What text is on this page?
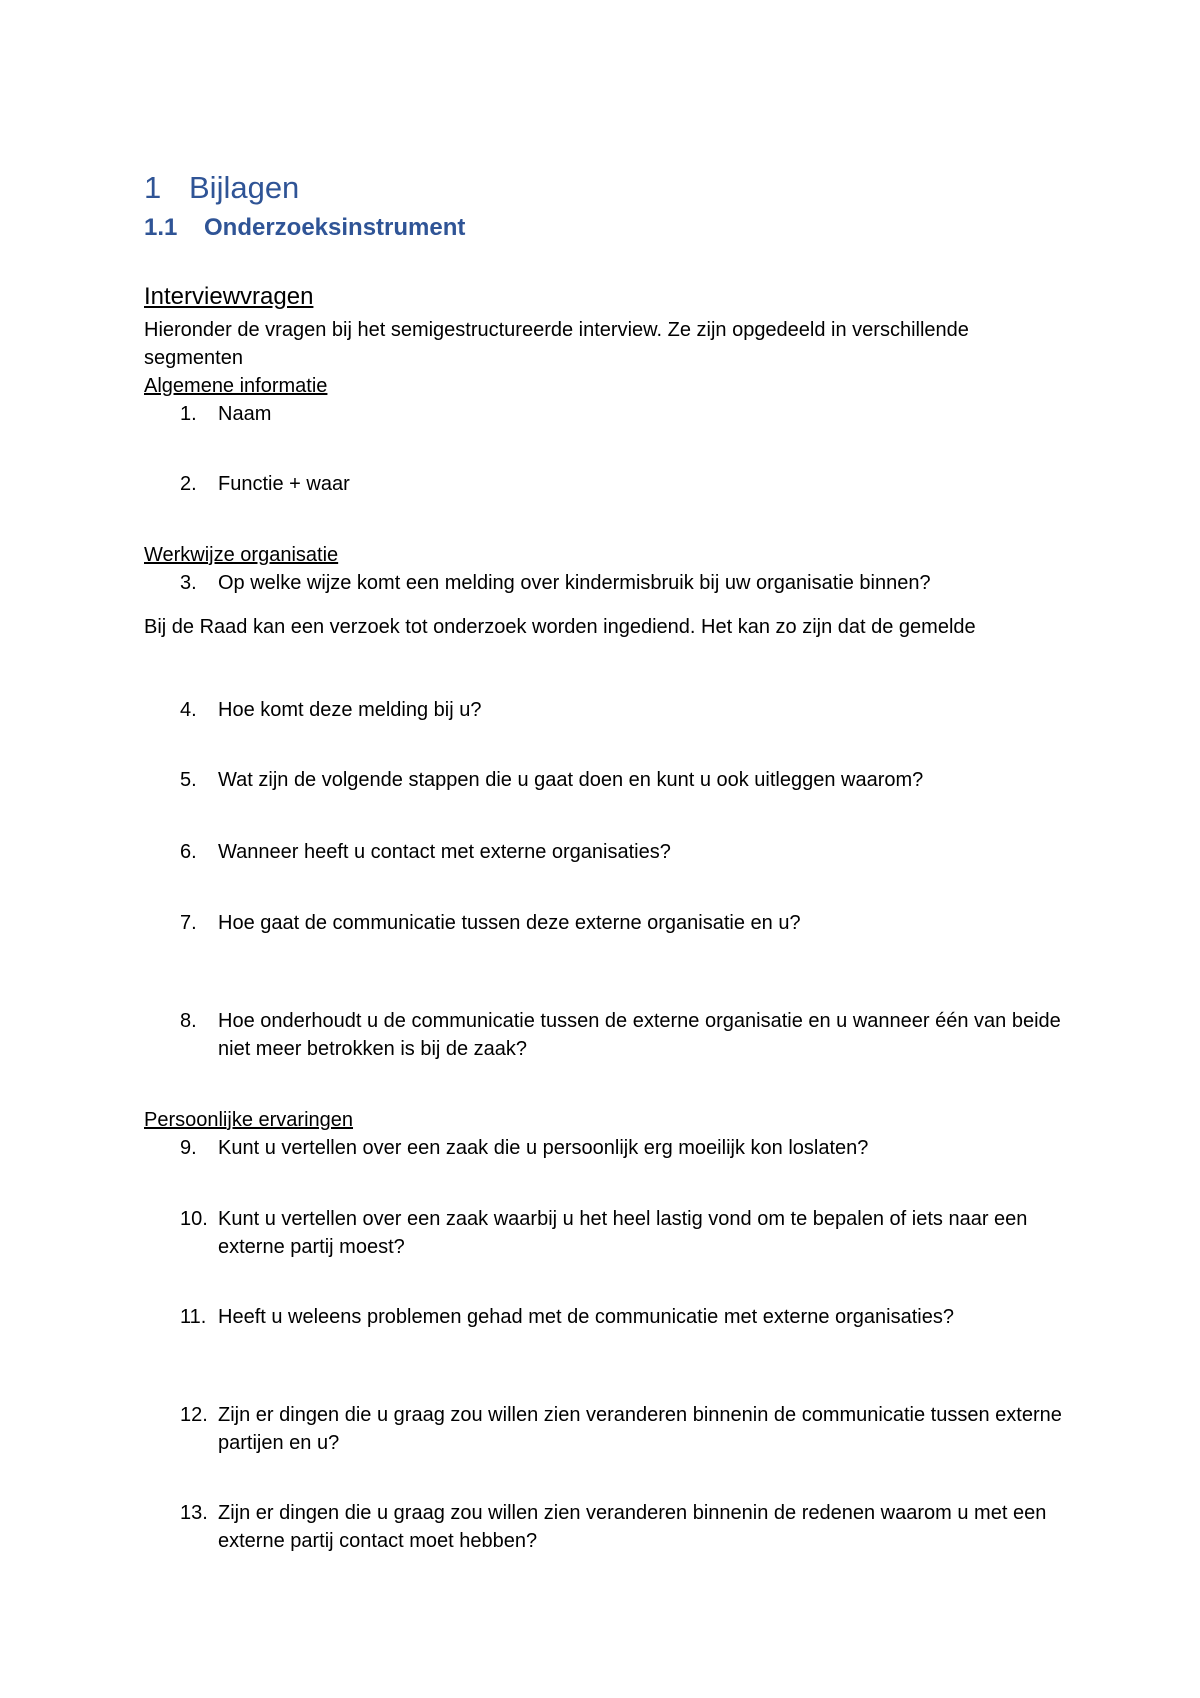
1 Bijlagen
1.1 Onderzoeksinstrument
Interviewvragen
Hieronder de vragen bij het semigestructureerde interview. Ze zijn opgedeeld in verschillende segmenten
Algemene informatie
1. Naam
2. Functie + waar
Werkwijze organisatie
3. Op welke wijze komt een melding over kindermisbruik bij uw organisatie binnen?
Bij de Raad kan een verzoek tot onderzoek worden ingediend. Het kan zo zijn dat de gemelde
4. Hoe komt deze melding bij u?
5. Wat zijn de volgende stappen die u gaat doen en kunt u ook uitleggen waarom?
6. Wanneer heeft u contact met externe organisaties?
7. Hoe gaat de communicatie tussen deze externe organisatie en u?
8. Hoe onderhoudt u de communicatie tussen de externe organisatie en u wanneer één van beide niet meer betrokken is bij de zaak?
Persoonlijke ervaringen
9. Kunt u vertellen over een zaak die u persoonlijk erg moeilijk kon loslaten?
10. Kunt u vertellen over een zaak waarbij u het heel lastig vond om te bepalen of iets naar een externe partij moest?
11. Heeft u weleens problemen gehad met de communicatie met externe organisaties?
12. Zijn er dingen die u graag zou willen zien veranderen binnenin de communicatie tussen externe partijen en u?
13. Zijn er dingen die u graag zou willen zien veranderen binnenin de redenen waarom u met een externe partij contact moet hebben?
